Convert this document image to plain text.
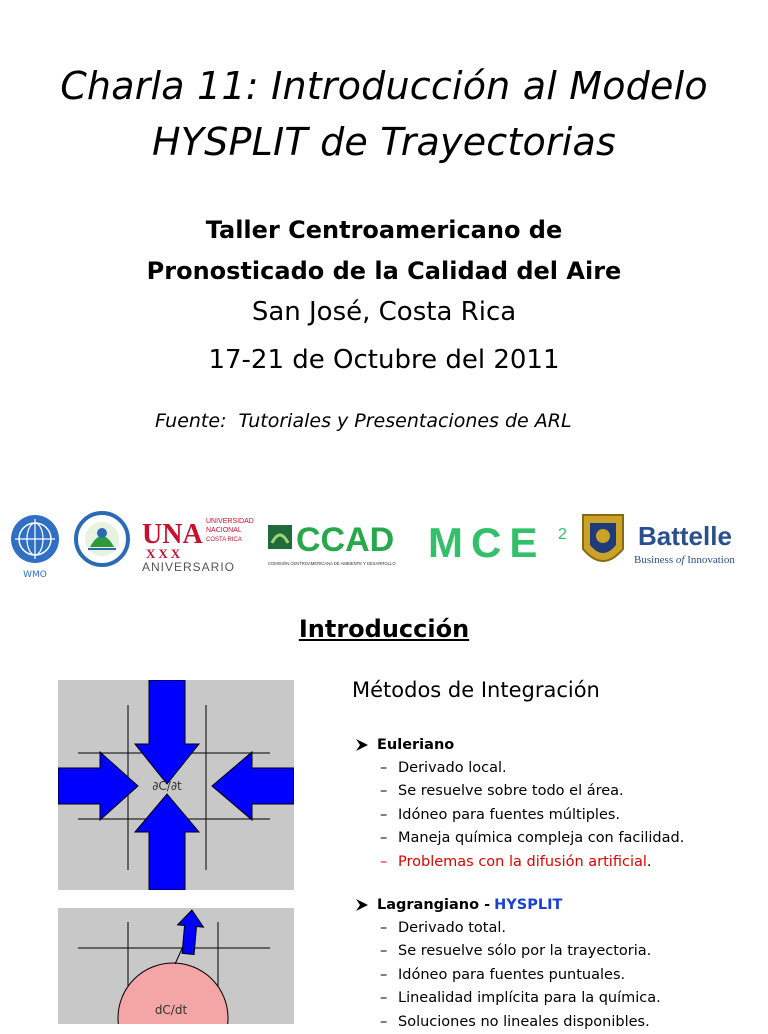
Charla 11: Introducción al Modelo
HYSPLIT de Trayectorias
Taller Centroamericano de
Pronosticado de la Calidad del Aire
San José, Costa Rica
17-21 de Octubre del 2011
Fuente:  Tutoriales y Presentaciones de ARL
WMO
UNA UNIVERSIDAD
NACIONAL
COSTA RICA
XXX
ANIVERSARIO
CCAD
COMISIÓN CENTROAMERICANA DE AMBIENTE Y DESARROLLO MCE 2	Battelle
Business of Innovation
Introducción
∂C/∂t
dC/dt
Métodos de Integración
Euleriano
– Derivado local.
– Se resuelve sobre todo el área.
– Idóneo para fuentes múltiples.
– Maneja química compleja con facilidad.
– Problemas con la difusión artificial .
Lagrangiano - HYSPLIT
– Derivado total.
– Se resuelve sólo por la trayectoria.
– Idóneo para fuentes puntuales.
– Linealidad implícita para la química.
– Soluciones no lineales disponibles.
